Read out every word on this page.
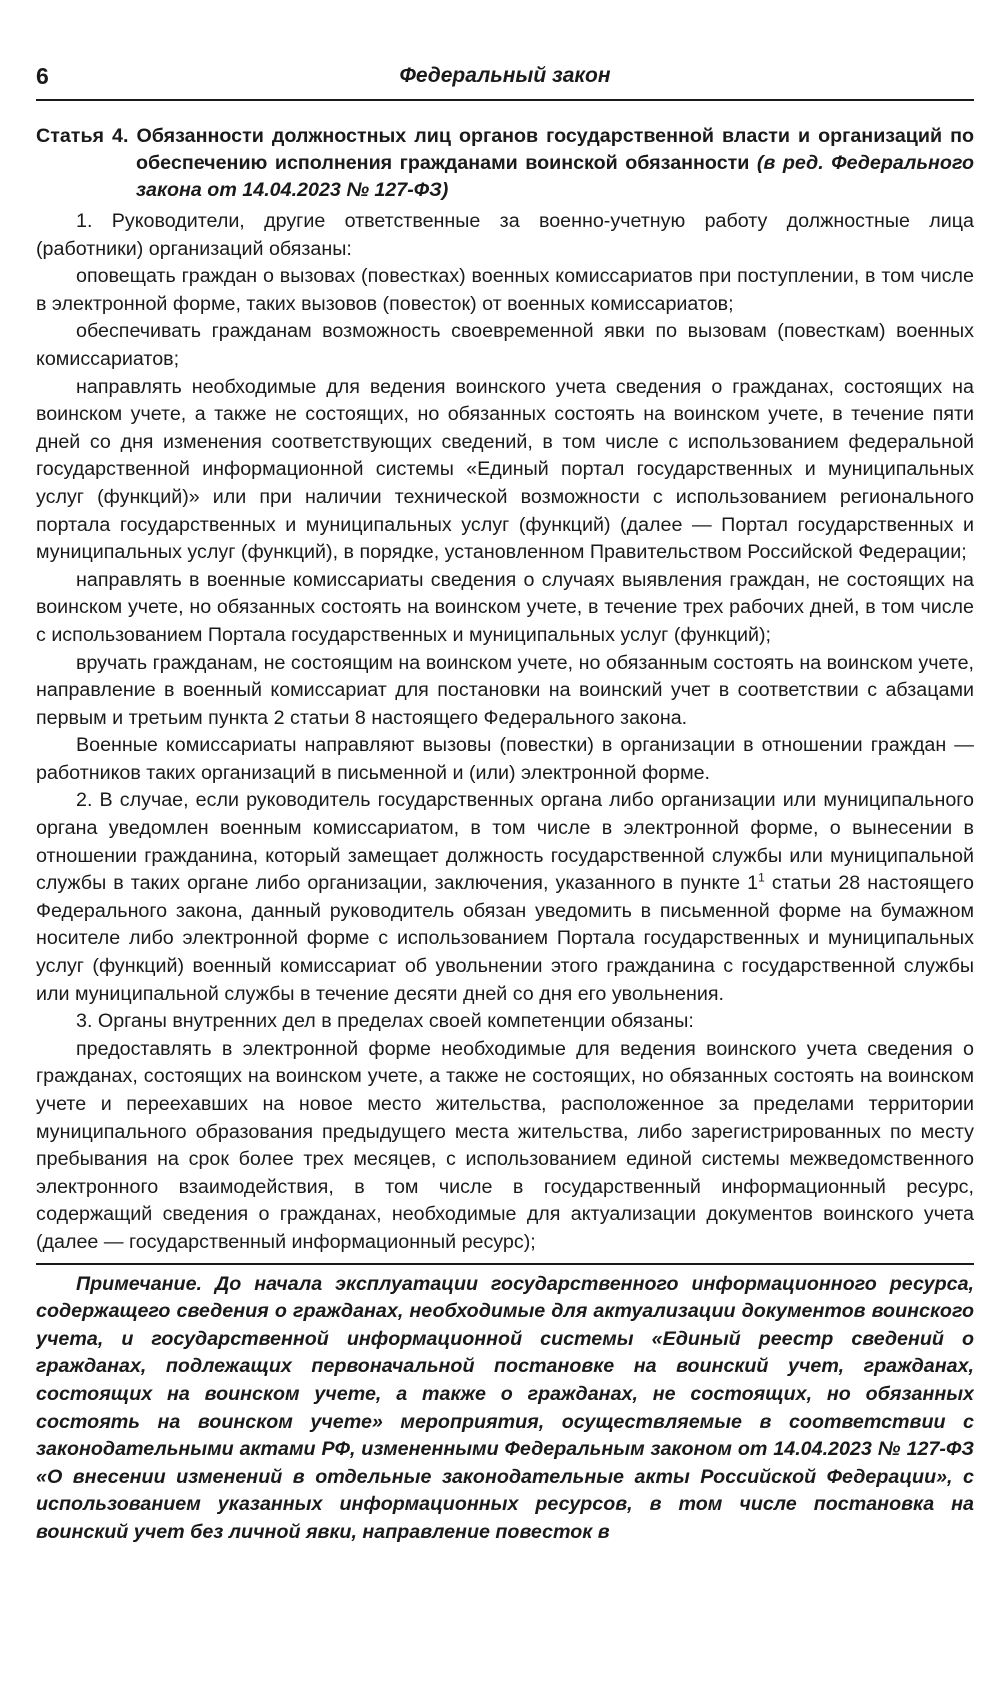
6	Федеральный закон
Статья 4. Обязанности должностных лиц органов государственной власти и организаций по обеспечению исполнения гражданами воинской обязанности (в ред. Федерального закона от 14.04.2023 № 127-ФЗ)

1. Руководители, другие ответственные за военно-учетную работу должностные лица (работники) организаций обязаны:

оповещать граждан о вызовах (повестках) военных комиссариатов при поступлении, в том числе в электронной форме, таких вызовов (повесток) от военных комиссариатов;

обеспечивать гражданам возможность своевременной явки по вызовам (повесткам) военных комиссариатов;

направлять необходимые для ведения воинского учета сведения о гражданах, состоящих на воинском учете, а также не состоящих, но обязанных состоять на воинском учете, в течение пяти дней со дня изменения соответствующих сведений, в том числе с использованием федеральной государственной информационной системы «Единый портал государственных и муниципальных услуг (функций)» или при наличии технической возможности с использованием регионального портала государственных и муниципальных услуг (функций) (далее — Портал государственных и муниципальных услуг (функций), в порядке, установленном Правительством Российской Федерации;

направлять в военные комиссариаты сведения о случаях выявления граждан, не состоящих на воинском учете, но обязанных состоять на воинском учете, в течение трех рабочих дней, в том числе с использованием Портала государственных и муниципальных услуг (функций);

вручать гражданам, не состоящим на воинском учете, но обязанным состоять на воинском учете, направление в военный комиссариат для постановки на воинский учет в соответствии с абзацами первым и третьим пункта 2 статьи 8 настоящего Федерального закона.

Военные комиссариаты направляют вызовы (повестки) в организации в отношении граждан — работников таких организаций в письменной и (или) электронной форме.

2. В случае, если руководитель государственных органа либо организации или муниципального органа уведомлен военным комиссариатом, в том числе в электронной форме, о вынесении в отношении гражданина, который замещает должность государственной службы или муниципальной службы в таких органе либо организации, заключения, указанного в пункте $1^1$ статьи 28 настоящего Федерального закона, данный руководитель обязан уведомить в письменной форме на бумажном носителе либо электронной форме с использованием Портала государственных и муниципальных услуг (функций) военный комиссариат об увольнении этого гражданина с государственной службы или муниципальной службы в течение десяти дней со дня его увольнения.

3. Органы внутренних дел в пределах своей компетенции обязаны:

предоставлять в электронной форме необходимые для ведения воинского учета сведения о гражданах, состоящих на воинском учете, а также не состоящих, но обязанных состоять на воинском учете и переехавших на новое место жительства, расположенное за пределами территории муниципального образования предыдущего места жительства, либо зарегистрированных по месту пребывания на срок более трех месяцев, с использованием единой системы межведомственного электронного взаимодействия, в том числе в государственный информационный ресурс, содержащий сведения о гражданах, необходимые для актуализации документов воинского учета (далее — государственный информационный ресурс);

Примечание. До начала эксплуатации государственного информационного ресурса, содержащего сведения о гражданах, необходимые для актуализации документов воинского учета, и государственной информационной системы «Единый реестр сведений о гражданах, подлежащих первоначальной постановке на воинский учет, гражданах, состоящих на воинском учете, а также о гражданах, не состоящих, но обязанных состоять на воинском учете» мероприятия, осуществляемые в соответствии с законодательными актами РФ, измененными Федеральным законом от 14.04.2023 № 127-ФЗ «О внесении изменений в отдельные законодательные акты Российской Федерации», с использованием указанных информационных ресурсов, в том числе постановка на воинский учет без личной явки, направление повесток в
